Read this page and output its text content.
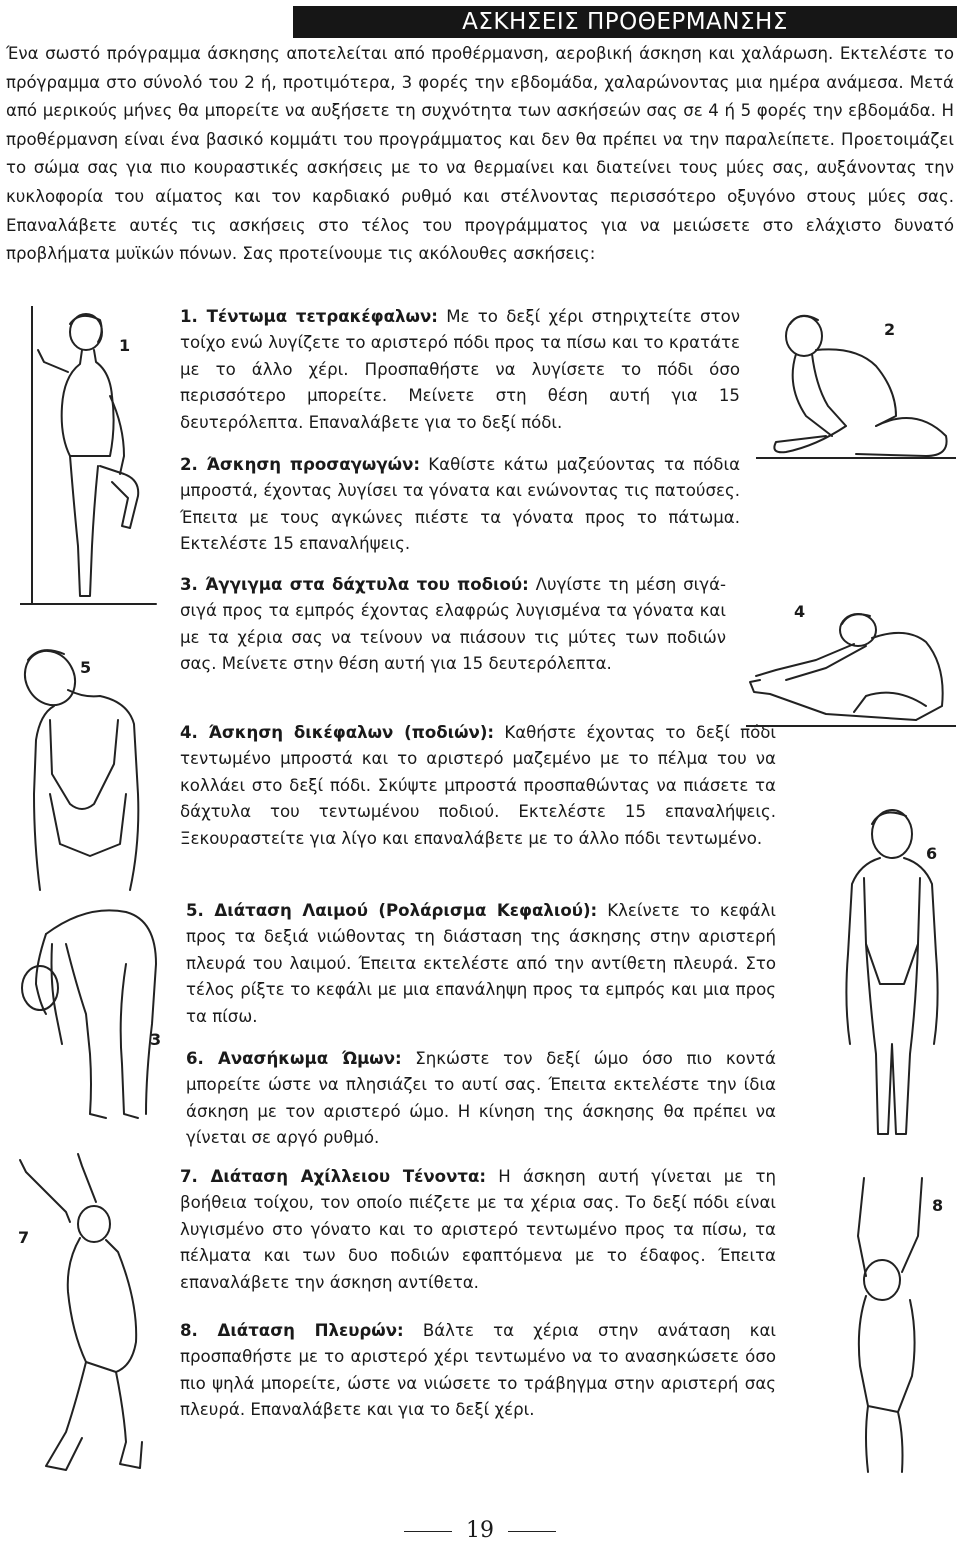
ΑΣΚΗΣΕΙΣ ΠΡΟΘΕΡΜΑΝΣΗΣ
Ένα σωστό πρόγραμμα άσκησης αποτελείται από προθέρμανση, αεροβική άσκηση και χαλάρωση. Εκτελέστε το πρόγραμμα στο σύνολό του 2 ή, προτιμότερα, 3 φορές την εβδομάδα, χαλαρώνοντας μια ημέρα ανάμεσα. Μετά από μερικούς μήνες θα μπορείτε να αυξήσετε τη συχνότητα των ασκήσεών σας σε 4 ή 5 φορές την εβδομάδα. Η προθέρμανση είναι ένα βασικό κομμάτι του προγράμματος και δεν θα πρέπει να την παραλείπετε. Προετοιμάζει το σώμα σας για πιο κουραστικές ασκήσεις με το να θερμαίνει και διατείνει τους μύες σας, αυξάνοντας την κυκλοφορία του αίματος και τον καρδιακό ρυθμό και στέλνοντας περισσότερο οξυγόνο στους μύες σας. Επαναλάβετε αυτές τις ασκήσεις στο τέλος του προγράμματος για να μειώσετε στο ελάχιστο δυνατό προβλήματα μυϊκών πόνων. Σας προτείνουμε τις ακόλουθες ασκήσεις:
1. Τέντωμα τετρακέφαλων: Με το δεξί χέρι στηριχτείτε στον τοίχο ενώ λυγίζετε το αριστερό πόδι προς τα πίσω και το κρατάτε με το άλλο χέρι. Προσπαθήστε να λυγίσετε το πόδι όσο περισσότερο μπορείτε. Μείνετε στη θέση αυτή για 15 δευτερόλεπτα. Επαναλάβετε για το δεξί πόδι.
2. Άσκηση προσαγωγών: Καθίστε κάτω μαζεύοντας τα πόδια μπροστά, έχοντας λυγίσει τα γόνατα και ενώνοντας τις πατούσες. Έπειτα με τους αγκώνες πιέστε τα γόνατα προς το πάτωμα. Εκτελέστε 15 επαναλήψεις.
3. Άγγιγμα στα δάχτυλα του ποδιού: Λυγίστε τη μέση σιγά-σιγά προς τα εμπρός έχοντας ελαφρώς λυγισμένα τα γόνατα και με τα χέρια σας να τείνουν να πιάσουν τις μύτες των ποδιών σας. Μείνετε στην θέση αυτή για 15 δευτερόλεπτα.
4. Άσκηση δικέφαλων (ποδιών): Καθήστε έχοντας το δεξί πόδι τεντωμένο μπροστά και το αριστερό μαζεμένο με το πέλμα του να κολλάει στο δεξί πόδι. Σκύψτε μπροστά προσπαθώντας να πιάσετε τα δάχτυλα του τεντωμένου ποδιού. Εκτελέστε 15 επαναλήψεις. Ξεκουραστείτε για λίγο και επαναλάβετε με το άλλο πόδι τεντωμένο.
5. Διάταση Λαιμού (Ρολάρισμα Κεφαλιού): Κλείνετε το κεφάλι προς τα δεξιά νιώθοντας τη διάσταση της άσκησης στην αριστερή πλευρά του λαιμού. Έπειτα εκτελέστε από την αντίθετη πλευρά. Στο τέλος ρίξτε το κεφάλι με μια επανάληψη προς τα εμπρός και μια προς τα πίσω.
6. Ανασήκωμα Ώμων: Σηκώστε τον δεξί ώμο όσο πιο κοντά μπορείτε ώστε να πλησιάζει το αυτί σας. Έπειτα εκτελέστε την ίδια άσκηση με τον αριστερό ώμο. Η κίνηση της άσκησης θα πρέπει να γίνεται σε αργό ρυθμό.
7. Διάταση Αχίλλειου Τένοντα: Η άσκηση αυτή γίνεται με τη βοήθεια τοίχου, τον οποίο πιέζετε με τα χέρια σας. Το δεξί πόδι είναι λυγισμένο στο γόνατο και το αριστερό τεντωμένο προς τα πίσω, τα πέλματα και των δυο ποδιών εφαπτόμενα με το έδαφος. Έπειτα επαναλάβετε την άσκηση αντίθετα.
8. Διάταση Πλευρών: Βάλτε τα χέρια στην ανάταση και προσπαθήστε με το αριστερό χέρι τεντωμένο να το ανασηκώσετε όσο πιο ψηλά μπορείτε, ώστε να νιώσετε το τράβηγμα στην αριστερή σας πλευρά. Επαναλάβετε και για το δεξί χέρι.
1
2
4
5
6
3
7
8
19
